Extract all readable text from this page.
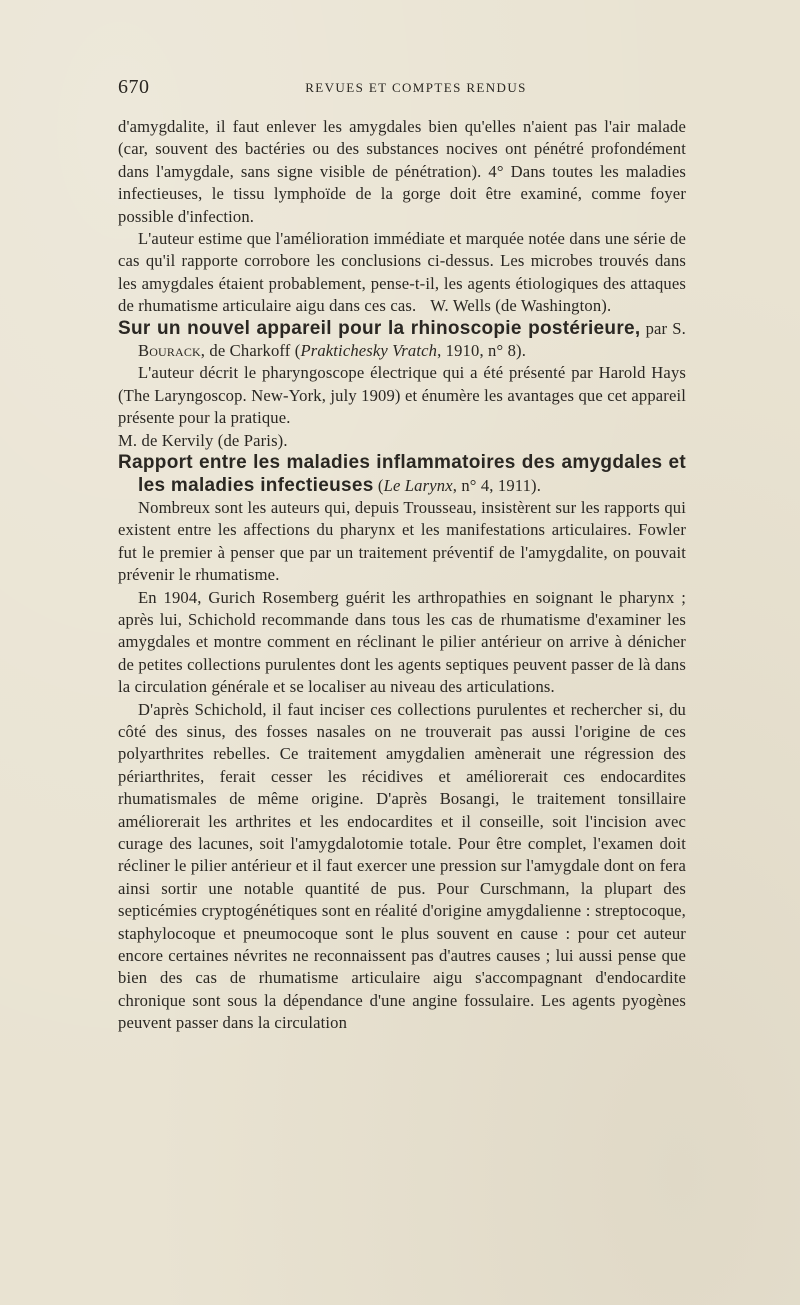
670	REVUES ET COMPTES RENDUS

d'amygdalite, il faut enlever les amygdales bien qu'elles n'aient pas l'air malade (car, souvent des bactéries ou des substances nocives ont pénétré profondément dans l'amygdale, sans signe visible de pénétration). 4° Dans toutes les maladies infectieuses, le tissu lymphoïde de la gorge doit être examiné, comme foyer possible d'infection.

L'auteur estime que l'amélioration immédiate et marquée notée dans une série de cas qu'il rapporte corrobore les conclusions ci-dessus. Les microbes trouvés dans les amygdales étaient probablement, pense-t-il, les agents étiologiques des attaques de rhumatisme articulaire aigu dans ces cas. W. Wells (de Washington).

Sur un nouvel appareil pour la rhinoscopie postérieure, par S. Bourack, de Charkoff (Praktichesky Vratch, 1910, n° 8).

L'auteur décrit le pharyngoscope électrique qui a été présenté par Harold Hays (The Laryngoscop. New-York, july 1909) et énumère les avantages que cet appareil présente pour la pratique.

M. de Kervily (de Paris).

Rapport entre les maladies inflammatoires des amygdales et les maladies infectieuses (Le Larynx, n° 4, 1911).

Nombreux sont les auteurs qui, depuis Trousseau, insistèrent sur les rapports qui existent entre les affections du pharynx et les manifestations articulaires. Fowler fut le premier à penser que par un traitement préventif de l'amygdalite, on pouvait prévenir le rhumatisme.

En 1904, Gurich Rosemberg guérit les arthropathies en soignant le pharynx ; après lui, Schichold recommande dans tous les cas de rhumatisme d'examiner les amygdales et montre comment en réclinant le pilier antérieur on arrive à dénicher de petites collections purulentes dont les agents septiques peuvent passer de là dans la circulation générale et se localiser au niveau des articulations.

D'après Schichold, il faut inciser ces collections purulentes et rechercher si, du côté des sinus, des fosses nasales on ne trouverait pas aussi l'origine de ces polyarthrites rebelles. Ce traitement amygdalien amènerait une régression des périarthrites, ferait cesser les récidives et améliorerait ces endocardites rhumatismales de même origine. D'après Bosangi, le traitement tonsillaire améliorerait les arthrites et les endocardites et il conseille, soit l'incision avec curage des lacunes, soit l'amygdalotomie totale. Pour être complet, l'examen doit récliner le pilier antérieur et il faut exercer une pression sur l'amygdale dont on fera ainsi sortir une notable quantité de pus. Pour Curschmann, la plupart des septicémies cryptogénétiques sont en réalité d'origine amygdalienne : streptocoque, staphylocoque et pneumocoque sont le plus souvent en cause : pour cet auteur encore certaines névrites ne reconnaissent pas d'autres causes ; lui aussi pense que bien des cas de rhumatisme articulaire aigu s'accompagnant d'endocardite chronique sont sous la dépendance d'une angine fossulaire. Les agents pyogènes peuvent passer dans la circulation
